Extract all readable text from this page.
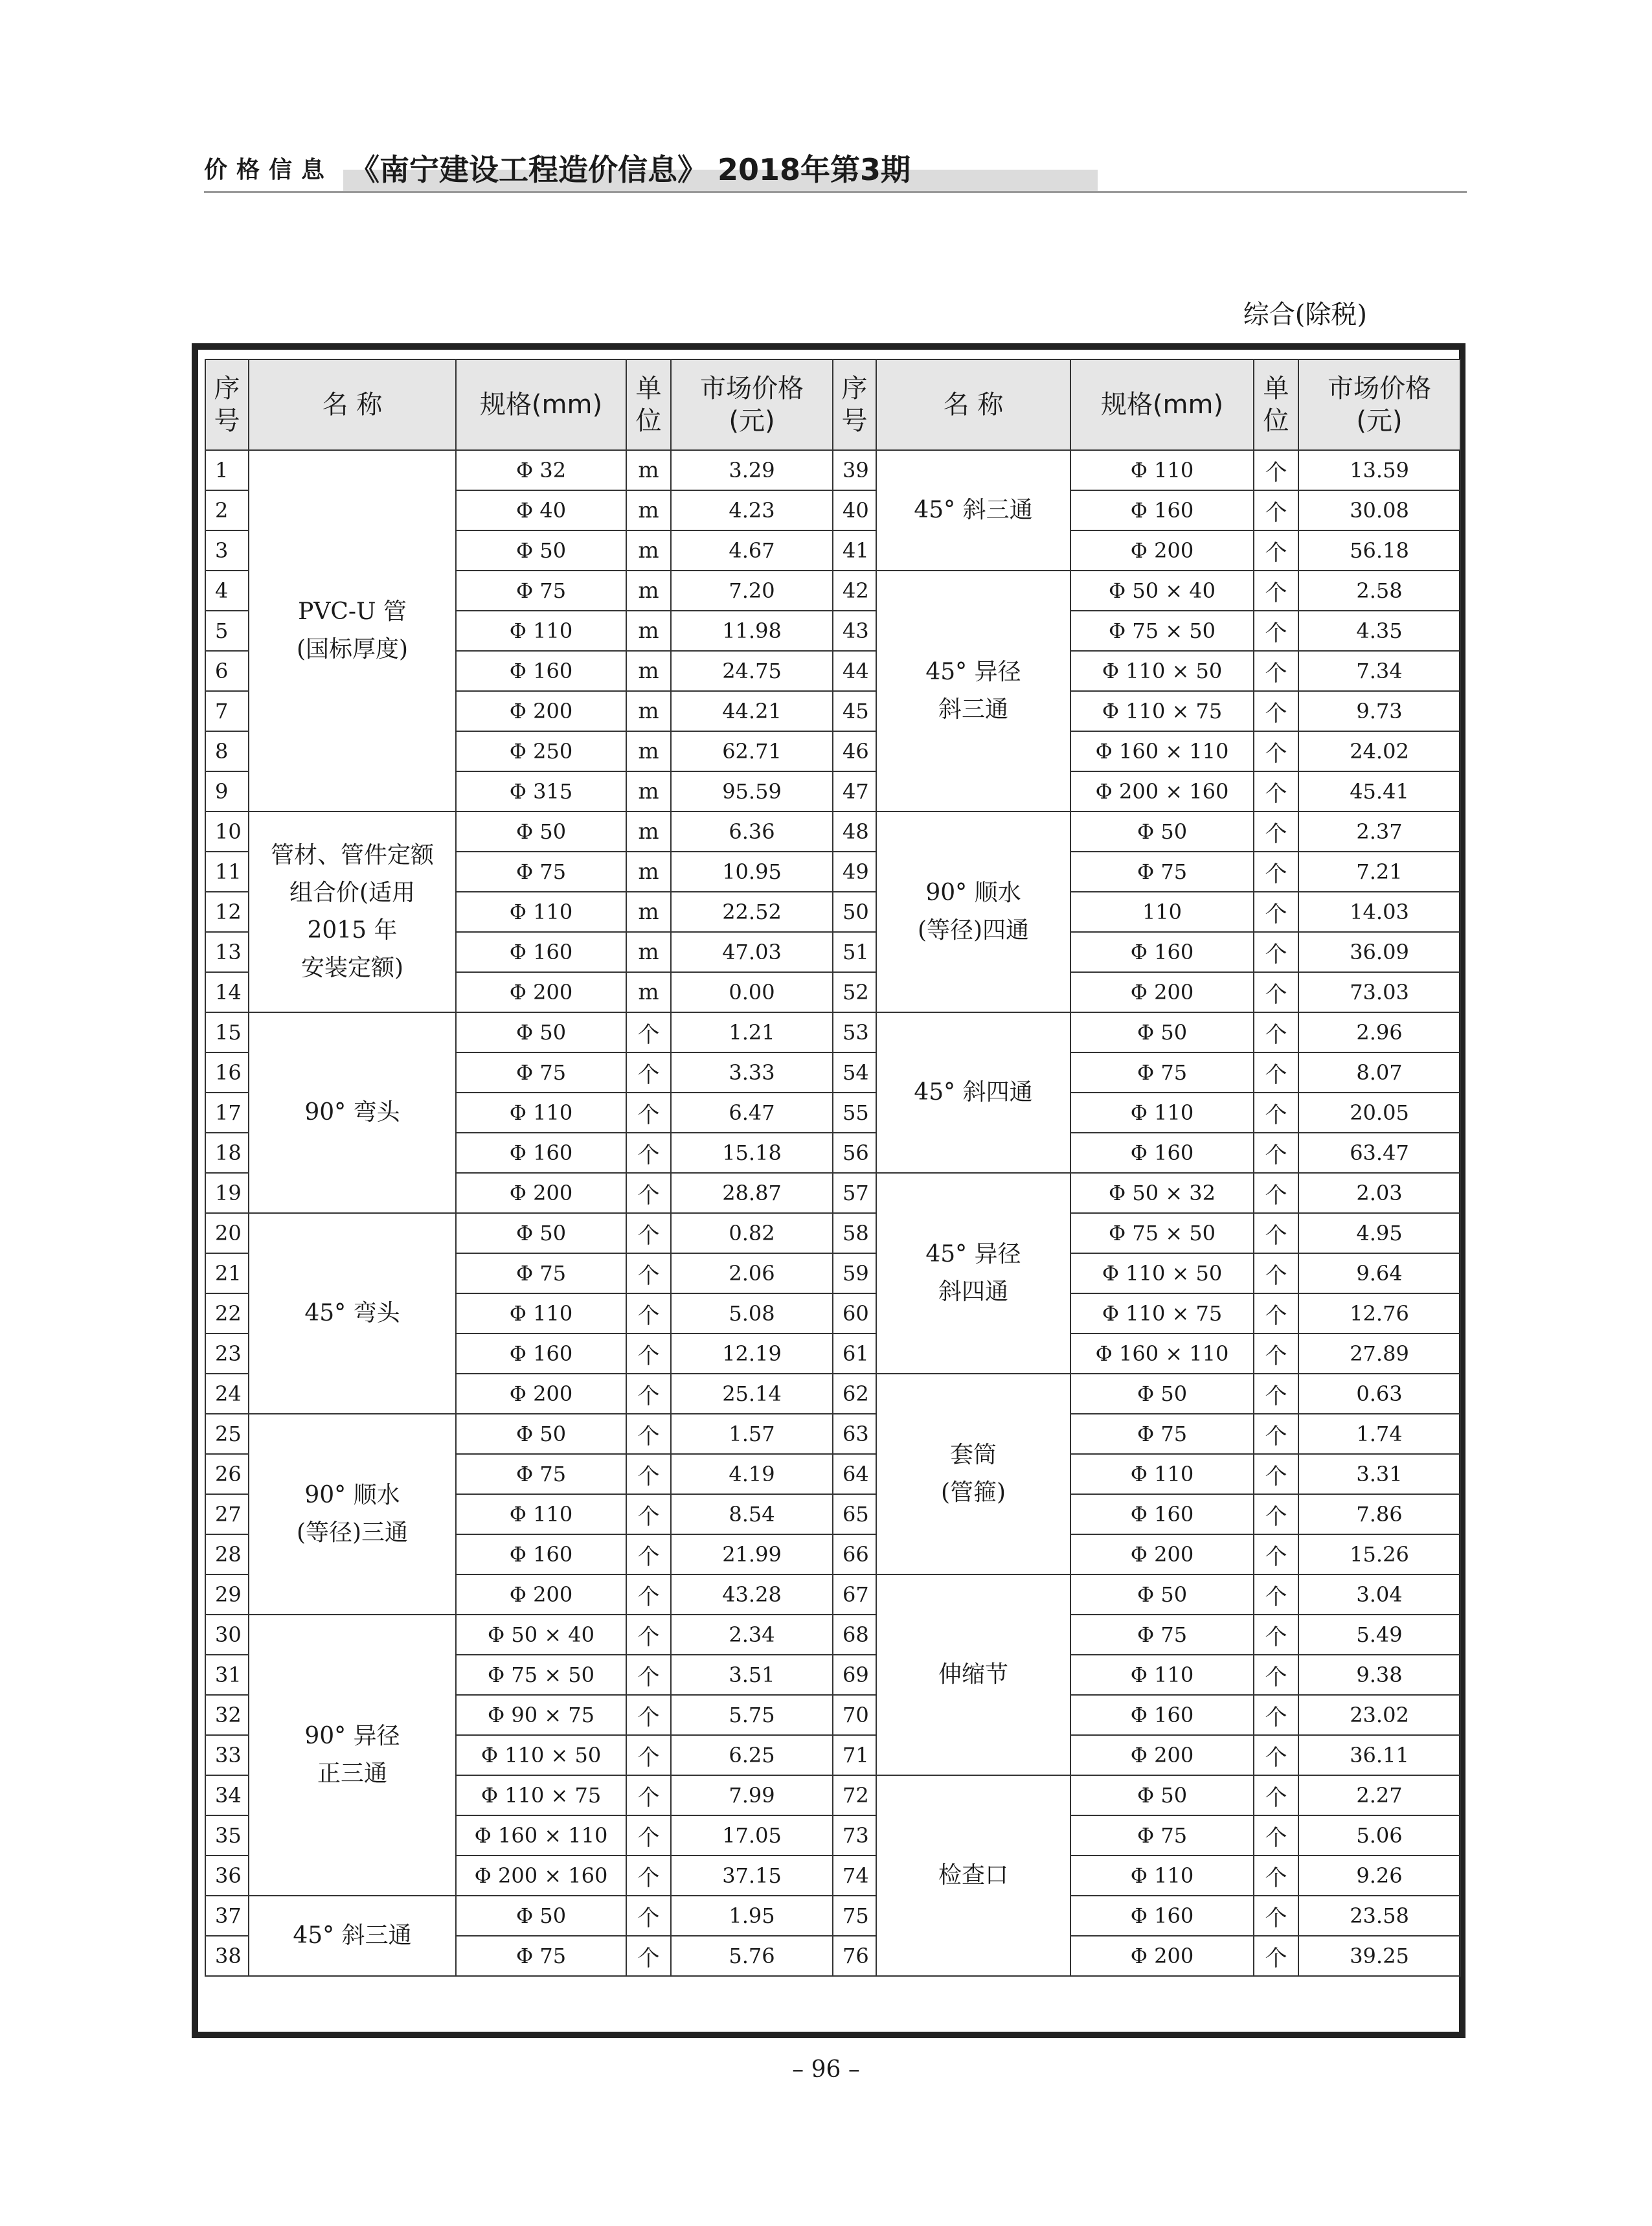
价格信息 《南宁建设工程造价信息》 2018年第3期
综合(除税)
序号	名 称	规格(mm)	单位	市场价格
(元)
1	PVC-U 管
(国标厚度)	Φ 32	m	3.29
2		Φ 40	m	4.23
3		Φ 50	m	4.67
4		Φ 75	m	7.20
5		Φ 110	m	11.98
6		Φ 160	m	24.75
7		Φ 200	m	44.21
8		Φ 250	m	62.71
9		Φ 315	m	95.59
10	管材、管件定额
组合价(适用
2015 年
安装定额)	Φ 50	m	6.36
11		Φ 75	m	10.95
12		Φ 110	m	22.52
13		Φ 160	m	47.03
14		Φ 200	m	0.00
15	90° 弯头	Φ 50	个	1.21
16		Φ 75	个	3.33
17		Φ 110	个	6.47
18		Φ 160	个	15.18
19		Φ 200	个	28.87
20	45° 弯头	Φ 50	个	0.82
21		Φ 75	个	2.06
22		Φ 110	个	5.08
23		Φ 160	个	12.19
24		Φ 200	个	25.14
25	90° 顺水
(等径)三通	Φ 50	个	1.57
26		Φ 75	个	4.19
27		Φ 110	个	8.54
28		Φ 160	个	21.99
29		Φ 200	个	43.28
30	90° 异径
正三通	Φ 50 × 40	个	2.34
31		Φ 75 × 50	个	3.51
32		Φ 90 × 75	个	5.75
33		Φ 110 × 50	个	6.25
34		Φ 110 × 75	个	7.99
35		Φ 160 × 110	个	17.05
36		Φ 200 × 160	个	37.15
37	45° 斜三通	Φ 50	个	1.95
38		Φ 75	个	5.76
序号	名 称	规格(mm)	单位	市场价格
(元)
39	45° 斜三通	Φ 110	个	13.59
40		Φ 160	个	30.08
41		Φ 200	个	56.18
42	45° 异径
斜三通	Φ 50 × 40	个	2.58
43		Φ 75 × 50	个	4.35
44		Φ 110 × 50	个	7.34
45		Φ 110 × 75	个	9.73
46		Φ 160 × 110	个	24.02
47		Φ 200 × 160	个	45.41
48	90° 顺水
(等径)四通	Φ 50	个	2.37
49		Φ 75	个	7.21
50		110	个	14.03
51		Φ 160	个	36.09
52		Φ 200	个	73.03
53	45° 斜四通	Φ 50	个	2.96
54		Φ 75	个	8.07
55		Φ 110	个	20.05
56		Φ 160	个	63.47
57	45° 异径
斜四通	Φ 50 × 32	个	2.03
58		Φ 75 × 50	个	4.95
59		Φ 110 × 50	个	9.64
60		Φ 110 × 75	个	12.76
61		Φ 160 × 110	个	27.89
62	套筒
(管箍)	Φ 50	个	0.63
63		Φ 75	个	1.74
64		Φ 110	个	3.31
65		Φ 160	个	7.86
66		Φ 200	个	15.26
67	伸缩节	Φ 50	个	3.04
68		Φ 75	个	5.49
69		Φ 110	个	9.38
70		Φ 160	个	23.02
71		Φ 200	个	36.11
72	检查口	Φ 50	个	2.27
73		Φ 75	个	5.06
74		Φ 110	个	9.26
75		Φ 160	个	23.58
76		Φ 200	个	39.25
– 96 –
